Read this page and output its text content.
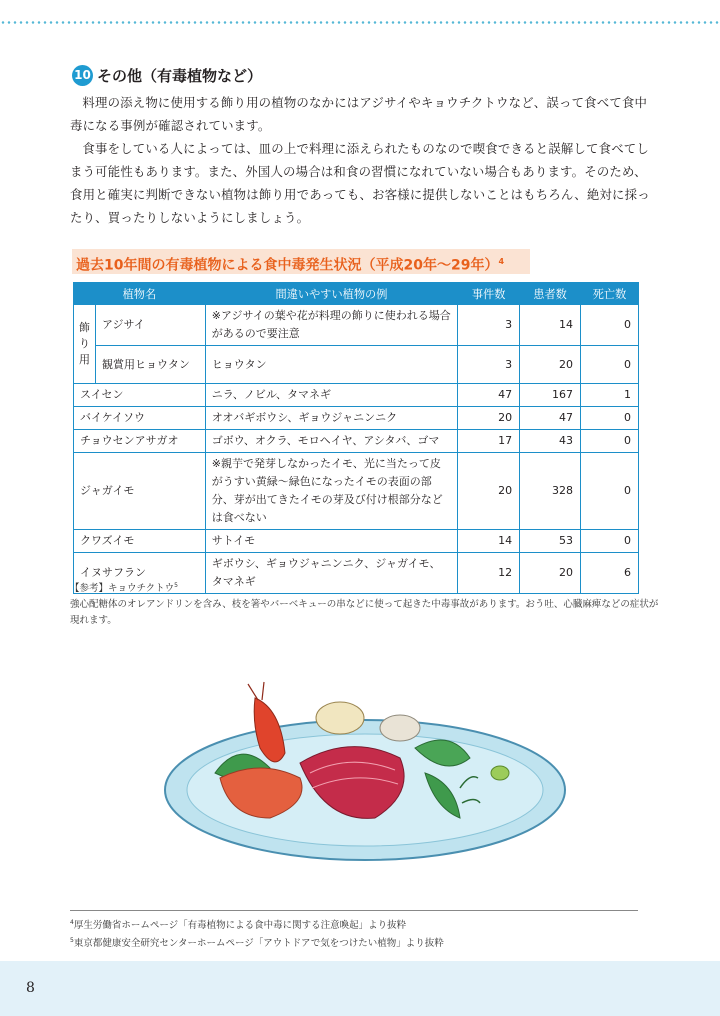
10 その他（有毒植物など）

料理の添え物に使用する飾り用の植物のなかにはアジサイやキョウチクトウなど、誤って食べて食中毒になる事例が確認されています。

食事をしている人によっては、皿の上で料理に添えられたものなので喫食できると誤解して食べてしまう可能性もあります。また、外国人の場合は和食の習慣になれていない場合もあります。そのため、食用と確実に判断できない植物は飾り用であっても、お客様に提供しないことはもちろん、絶対に採ったり、買ったりしないようにしましょう。

過去10年間の有毒植物による食中毒発生状況（平成20年～29年）$^4$
植物名		間違いやすい植物の例	事件数	患者数	死亡数
飾り用	アジサイ	※アジサイの葉や花が料理の飾りに使われる場合があるので要注意	3	14	0
	観賞用ヒョウタン	ヒョウタン	3	20	0
スイセン		ニラ、ノビル、タマネギ	47	167	1
バイケイソウ		オオバギボウシ、ギョウジャニンニク	20	47	0
チョウセンアサガオ		ゴボウ、オクラ、モロヘイヤ、アシタバ、ゴマ	17	43	0
ジャガイモ		※親芋で発芽しなかったイモ、光に当たって皮がうすい黄緑～緑色になったイモの表面の部分、芽が出てきたイモの芽及び付け根部分などは食べない	20	328	0
クワズイモ		サトイモ	14	53	0
イヌサフラン		ギボウシ、ギョウジャニンニク、ジャガイモ、タマネギ	12	20	6
【参考】キョウチクトウ$^5$
強心配糖体のオレアンドリンを含み、枝を箸やバーベキューの串などに使って起きた中毒事故があります。おう吐、心臓麻痺などの症状が現れます。
$^4$厚生労働省ホームページ「有毒植物による食中毒に関する注意喚起」より抜粋
$^5$東京都健康安全研究センターホームページ「アウトドアで気をつけたい植物」より抜粋
8
